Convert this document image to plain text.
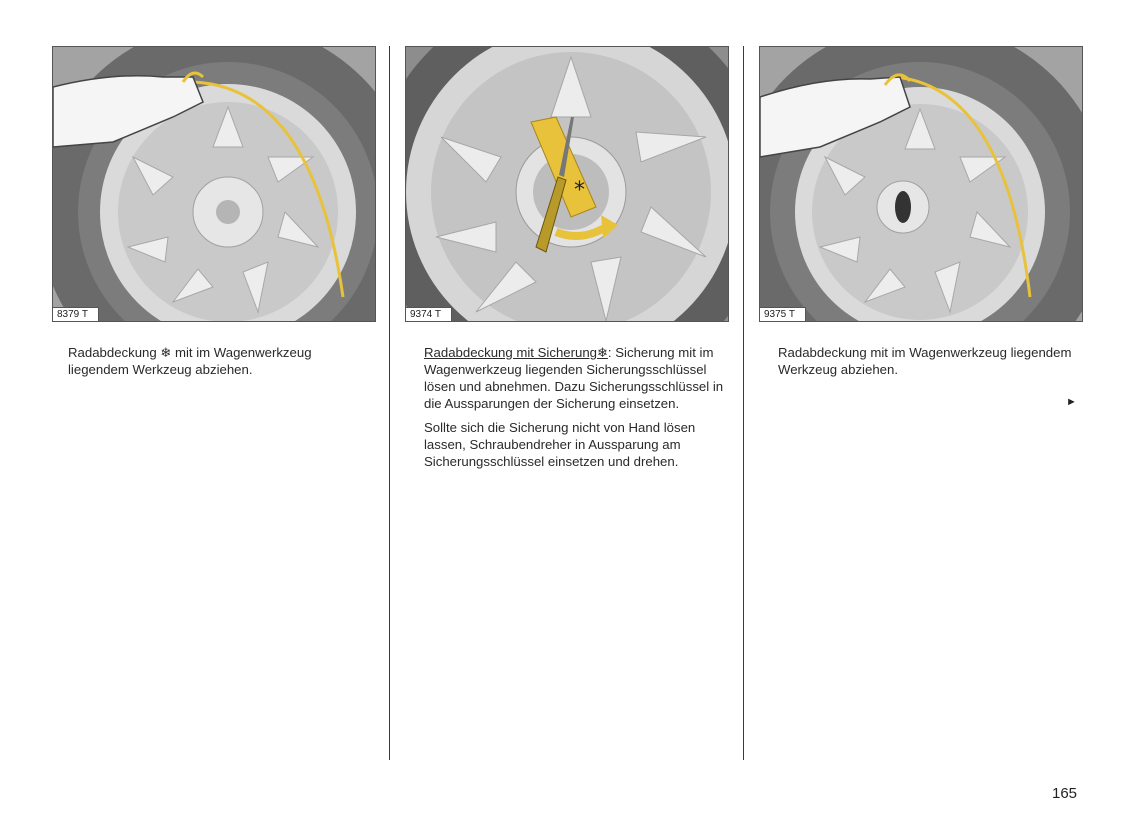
8379 T
*
9374 T	9375 T

Radabdeckung ❄ mit im Wagenwerkzeug liegendem Werkzeug abziehen.

Radabdeckung mit Sicherung❄: Sicherung mit im Wagenwerkzeug liegenden Sicherungsschlüssel lösen und abnehmen. Dazu Sicherungsschlüssel in die Aussparungen der Sicherung einsetzen.

Sollte sich die Sicherung nicht von Hand lösen lassen, Schraubendreher in Aussparung am Sicherungsschlüssel einsetzen und drehen.

Radabdeckung mit im Wagenwerkzeug liegendem Werkzeug abziehen.

►
165
